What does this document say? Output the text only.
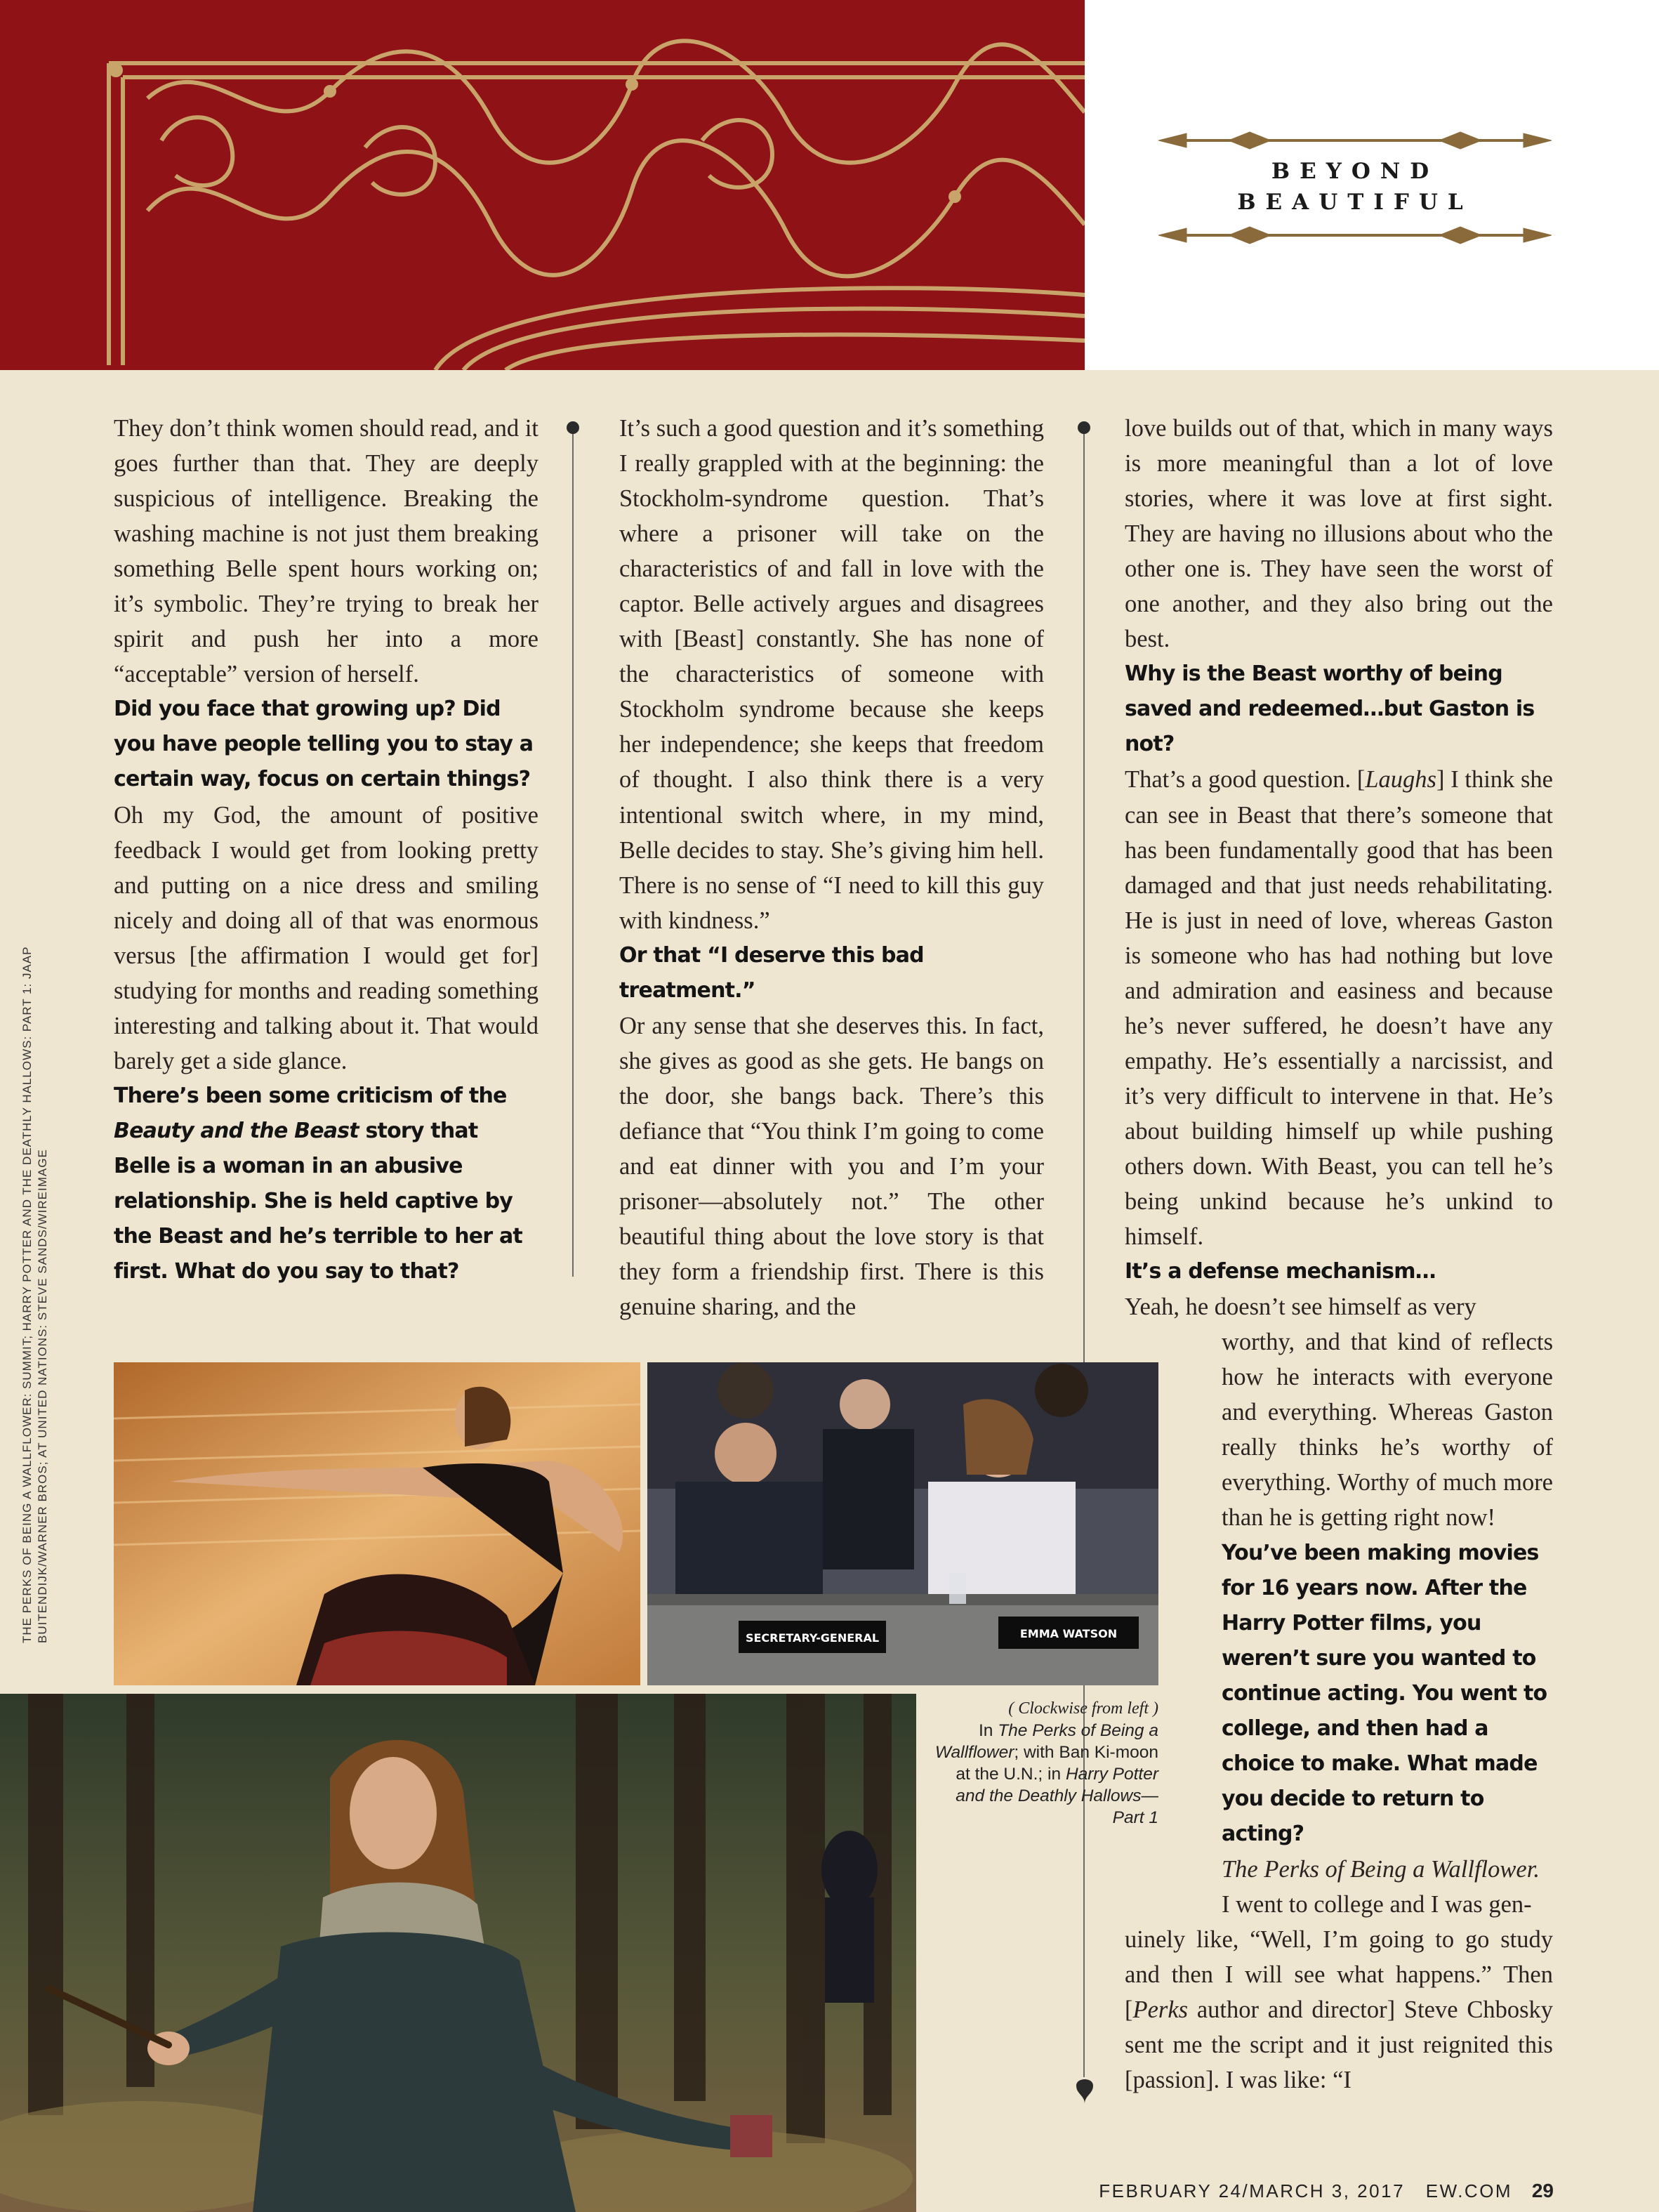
BEYOND
BEAUTIFUL

They don’t think women should read, and it goes further than that. They are deeply suspicious of intelligence. Breaking the washing machine is not just them breaking something Belle spent hours working on; it’s symbolic. They’re trying to break her spirit and push her into a more “acceptable” version of herself.

Did you face that growing up? Did you have people telling you to stay a certain way, focus on certain things?

Oh my God, the amount of positive feedback I would get from looking pretty and putting on a nice dress and smiling nicely and doing all of that was enormous versus [the affirmation I would get for] studying for months and reading something interesting and talking about it. That would barely get a side glance.

There’s been some criticism of the Beauty and the Beast story that Belle is a woman in an abusive relationship. She is held captive by the Beast and he’s terrible to her at first. What do you say to that?

It’s such a good question and it’s something I really grappled with at the beginning: the Stockholm-syndrome question. That’s where a prisoner will take on the characteristics of and fall in love with the captor. Belle actively argues and disagrees with [Beast] constantly. She has none of the characteristics of someone with Stockholm syndrome because she keeps her independence; she keeps that freedom of thought. I also think there is a very intentional switch where, in my mind, Belle decides to stay. She’s giving him hell. There is no sense of “I need to kill this guy with kindness.”

Or that “I deserve this bad treatment.”

Or any sense that she deserves this. In fact, she gives as good as she gets. He bangs on the door, she bangs back. There’s this defiance that “You think I’m going to come and eat dinner with you and I’m your prisoner—absolutely not.” The other beautiful thing about the love story is that they form a friendship first. There is this genuine sharing, and the

love builds out of that, which in many ways is more meaningful than a lot of love stories, where it was love at first sight. They are having no illusions about who the other one is. They have seen the worst of one another, and they also bring out the best.

Why is the Beast worthy of being saved and redeemed…but Gaston is not?

That’s a good question. [Laughs] I think she can see in Beast that there’s someone that has been fundamentally good that has been damaged and that just needs rehabilitating. He is just in need of love, whereas Gaston is someone who has had nothing but love and admiration and easiness and because he’s never suffered, he doesn’t have any empathy. He’s essentially a narcissist, and it’s very difficult to intervene in that. He’s about building himself up while pushing others down. With Beast, you can tell he’s being unkind because he’s unkind to himself.

It’s a defense mechanism…

Yeah, he doesn’t see himself as very

worthy, and that kind of reflects how he interacts with everyone and everything. Whereas Gaston really thinks he’s worthy of everything. Worthy of much more than he is getting right now!

You’ve been making movies for 16 years now. After the Harry Potter films, you weren’t sure you wanted to continue acting. You went to college, and then had a choice to make. What made you decide to return to acting?

The Perks of Being a Wallflower.

I went to college and I was gen-

uinely like, “Well, I’m going to go study and then I will see what happens.” Then [Perks author and director] Steve Chbosky sent me the script and it just reignited this [passion]. I was like: “I

SECRETARY-GENERAL	EMMA WATSON
( Clockwise from left )
In The Perks of Being a Wallflower; with Ban Ki-moon at the U.N.; in Harry Potter and the Deathly Hallows—Part 1
THE PERKS OF BEING A WALLFLOWER: SUMMIT; HARRY POTTER AND THE DEATHLY HALLOWS: PART 1: JAAP BUITENDIJK/WARNER BROS; AT UNITED NATIONS: STEVE SANDS/WIREIMAGE
FEBRUARY 24/MARCH 3, 2017 EW.COM 29
